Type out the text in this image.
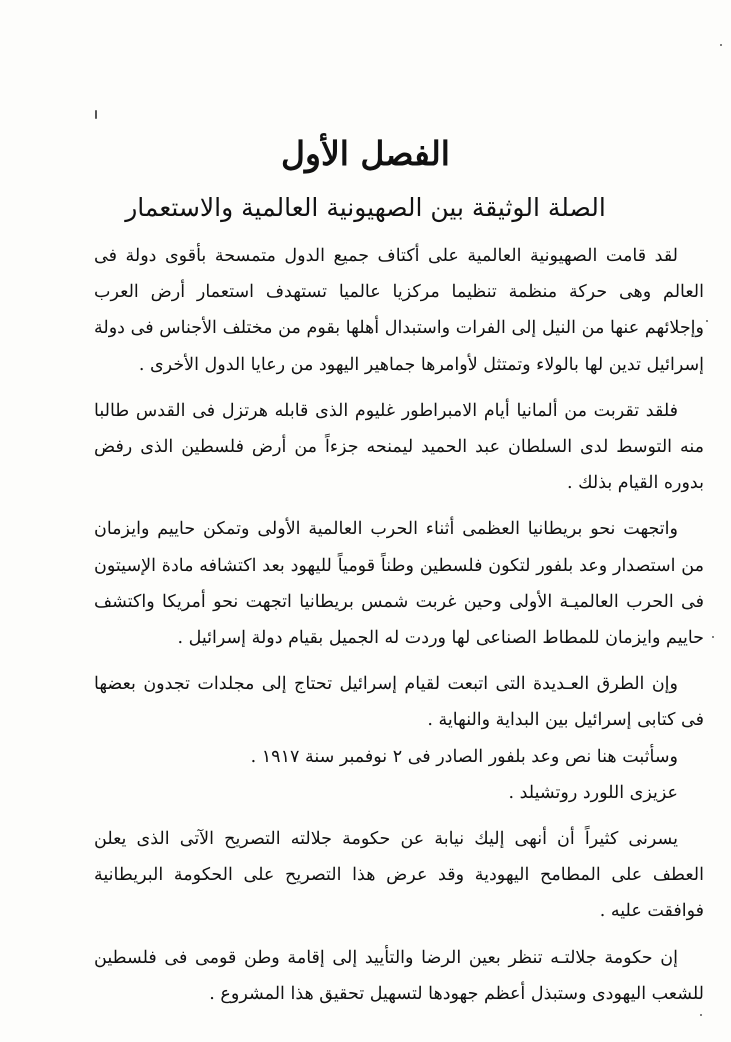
الفصل الأول
الصلة الوثيقة بين الصهيونية العالمية والاستعمار

لقد قامت الصهيونية العالمية على أكتاف جميع الدول متمسحة بأقوى دولة فى العالم وهى حركة منظمة تنظيما مركزيا عالميا تستهدف استعمار أرض العرب وإجلائهم عنها من النيل إلى الفرات واستبدال أهلها بقوم من مختلف الأجناس فى دولة إسرائيل تدين لها بالولاء وتمتثل لأوامرها جماهير اليهود من رعايا الدول الأخرى .

فلقد تقربت من ألمانيا أيام الامبراطور غليوم الذى قابله هرتزل فى القدس طالبا منه التوسط لدى السلطان عبد الحميد ليمنحه جزءاً من أرض فلسطين الذى رفض بدوره القيام بذلك .

واتجهت نحو بريطانيا العظمى أثناء الحرب العالمية الأولى وتمكن حاييم وايزمان من استصدار وعد بلفور لتكون فلسطين وطناً قومياً لليهود بعد اكتشافه مادة الإسيتون فى الحرب العالميـة الأولى وحين غربت شمس بريطانيا اتجهت نحو أمريكا واكتشف حاييم وايزمان للمطاط الصناعى لها وردت له الجميل بقيام دولة إسرائيل .

وإن الطرق العـديدة التى اتبعت لقيام إسرائيل تحتاج إلى مجلدات تجدون بعضها فى كتابى إسرائيل بين البداية والنهاية .

وسأثبت هنا نص وعد بلفور الصادر فى ٢ نوفمبر سنة ١٩١٧ .

عزيزى اللورد روتشيلد .

يسرنى كثيراً أن أنهى إليك نيابة عن حكومة جلالته التصريح الآتى الذى يعلن العطف على المطامح اليهودية وقد عرض هذا التصريح على الحكومة البريطانية فوافقت عليه .

إن حكومة جلالتـه تنظر بعين الرضا والتأييد إلى إقامة وطن قومى فى فلسطين للشعب اليهودى وستبذل أعظم جهودها لتسهيل تحقيق هذا المشروع .
